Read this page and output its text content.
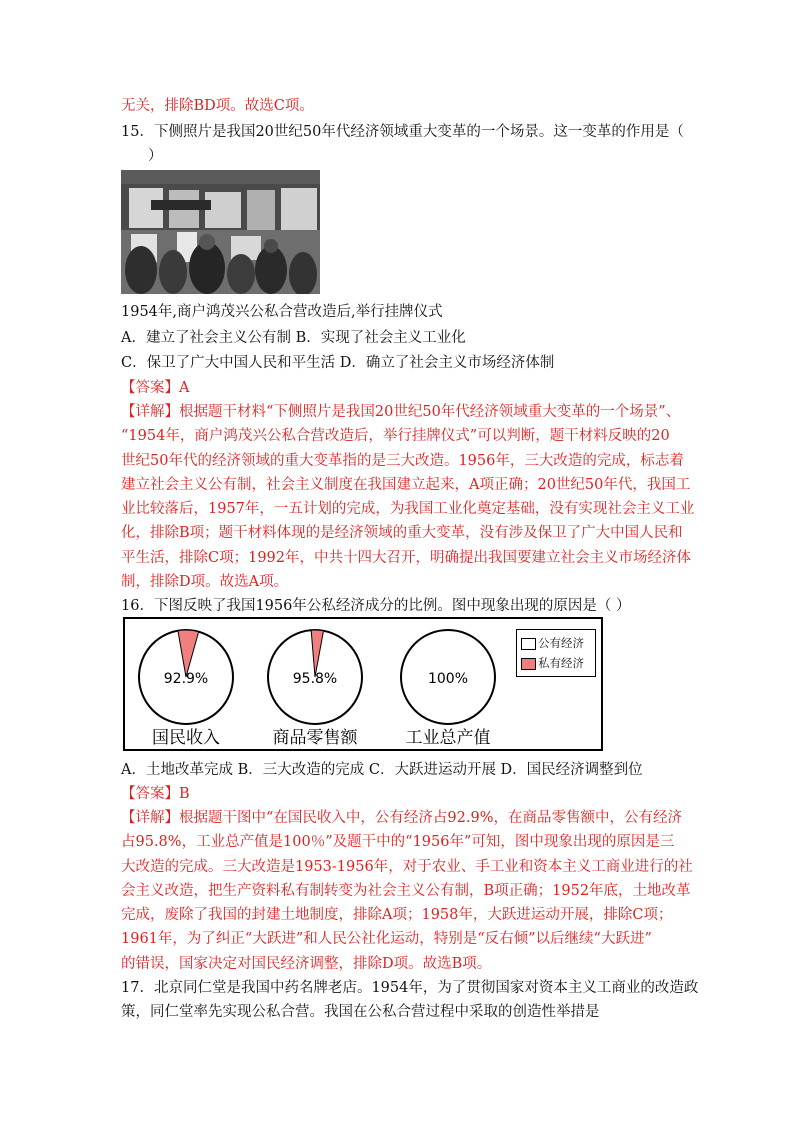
无关，排除BD项。故选C项。
15．下侧照片是我国20世纪50年代经济领域重大变革的一个场景。这一变革的作用是（
）
1954年,商户鸿茂兴公私合营改造后,举行挂牌仪式
A．建立了社会主义公有制 B．实现了社会主义工业化
C．保卫了广大中国人民和平生活 D．确立了社会主义市场经济体制
【答案】A
【详解】根据题干材料“下侧照片是我国20世纪50年代经济领域重大变革的一个场景”、
“1954年，商户鸿茂兴公私合营改造后，举行挂牌仪式”可以判断，题干材料反映的20
世纪50年代的经济领域的重大变革指的是三大改造。1956年，三大改造的完成，标志着
建立社会主义公有制，社会主义制度在我国建立起来，A项正确；20世纪50年代，我国工
业比较落后，1957年，一五计划的完成，为我国工业化奠定基础，没有实现社会主义工业
化，排除B项；题干材料体现的是经济领域的重大变革，没有涉及保卫了广大中国人民和
平生活，排除C项；1992年，中共十四大召开，明确提出我国要建立社会主义市场经济体
制，排除D项。故选A项。
16．下图反映了我国1956年公私经济成分的比例。图中现象出现的原因是（ ）
92.9%	95.8%	100%
国民收入	商品零售额	工业总产值
公有经济
私有经济
A．土地改革完成 B．三大改造的完成 C．大跃进运动开展 D．国民经济调整到位
【答案】B
【详解】根据题干图中“在国民收入中，公有经济占92.9%，在商品零售额中，公有经济
占95.8%，工业总产值是100％”及题干中的“1956年”可知，图中现象出现的原因是三
大改造的完成。三大改造是1953-1956年，对于农业、手工业和资本主义工商业进行的社
会主义改造，把生产资料私有制转变为社会主义公有制，B项正确；1952年底，土地改革
完成，废除了我国的封建土地制度，排除A项；1958年，大跃进运动开展，排除C项；
1961年，为了纠正“大跃进”和人民公社化运动，特别是“反右倾”以后继续“大跃进”
的错误，国家决定对国民经济调整，排除D项。故选B项。
17．北京同仁堂是我国中药名牌老店。1954年，为了贯彻国家对资本主义工商业的改造政
策，同仁堂率先实现公私合营。我国在公私合营过程中采取的创造性举措是
